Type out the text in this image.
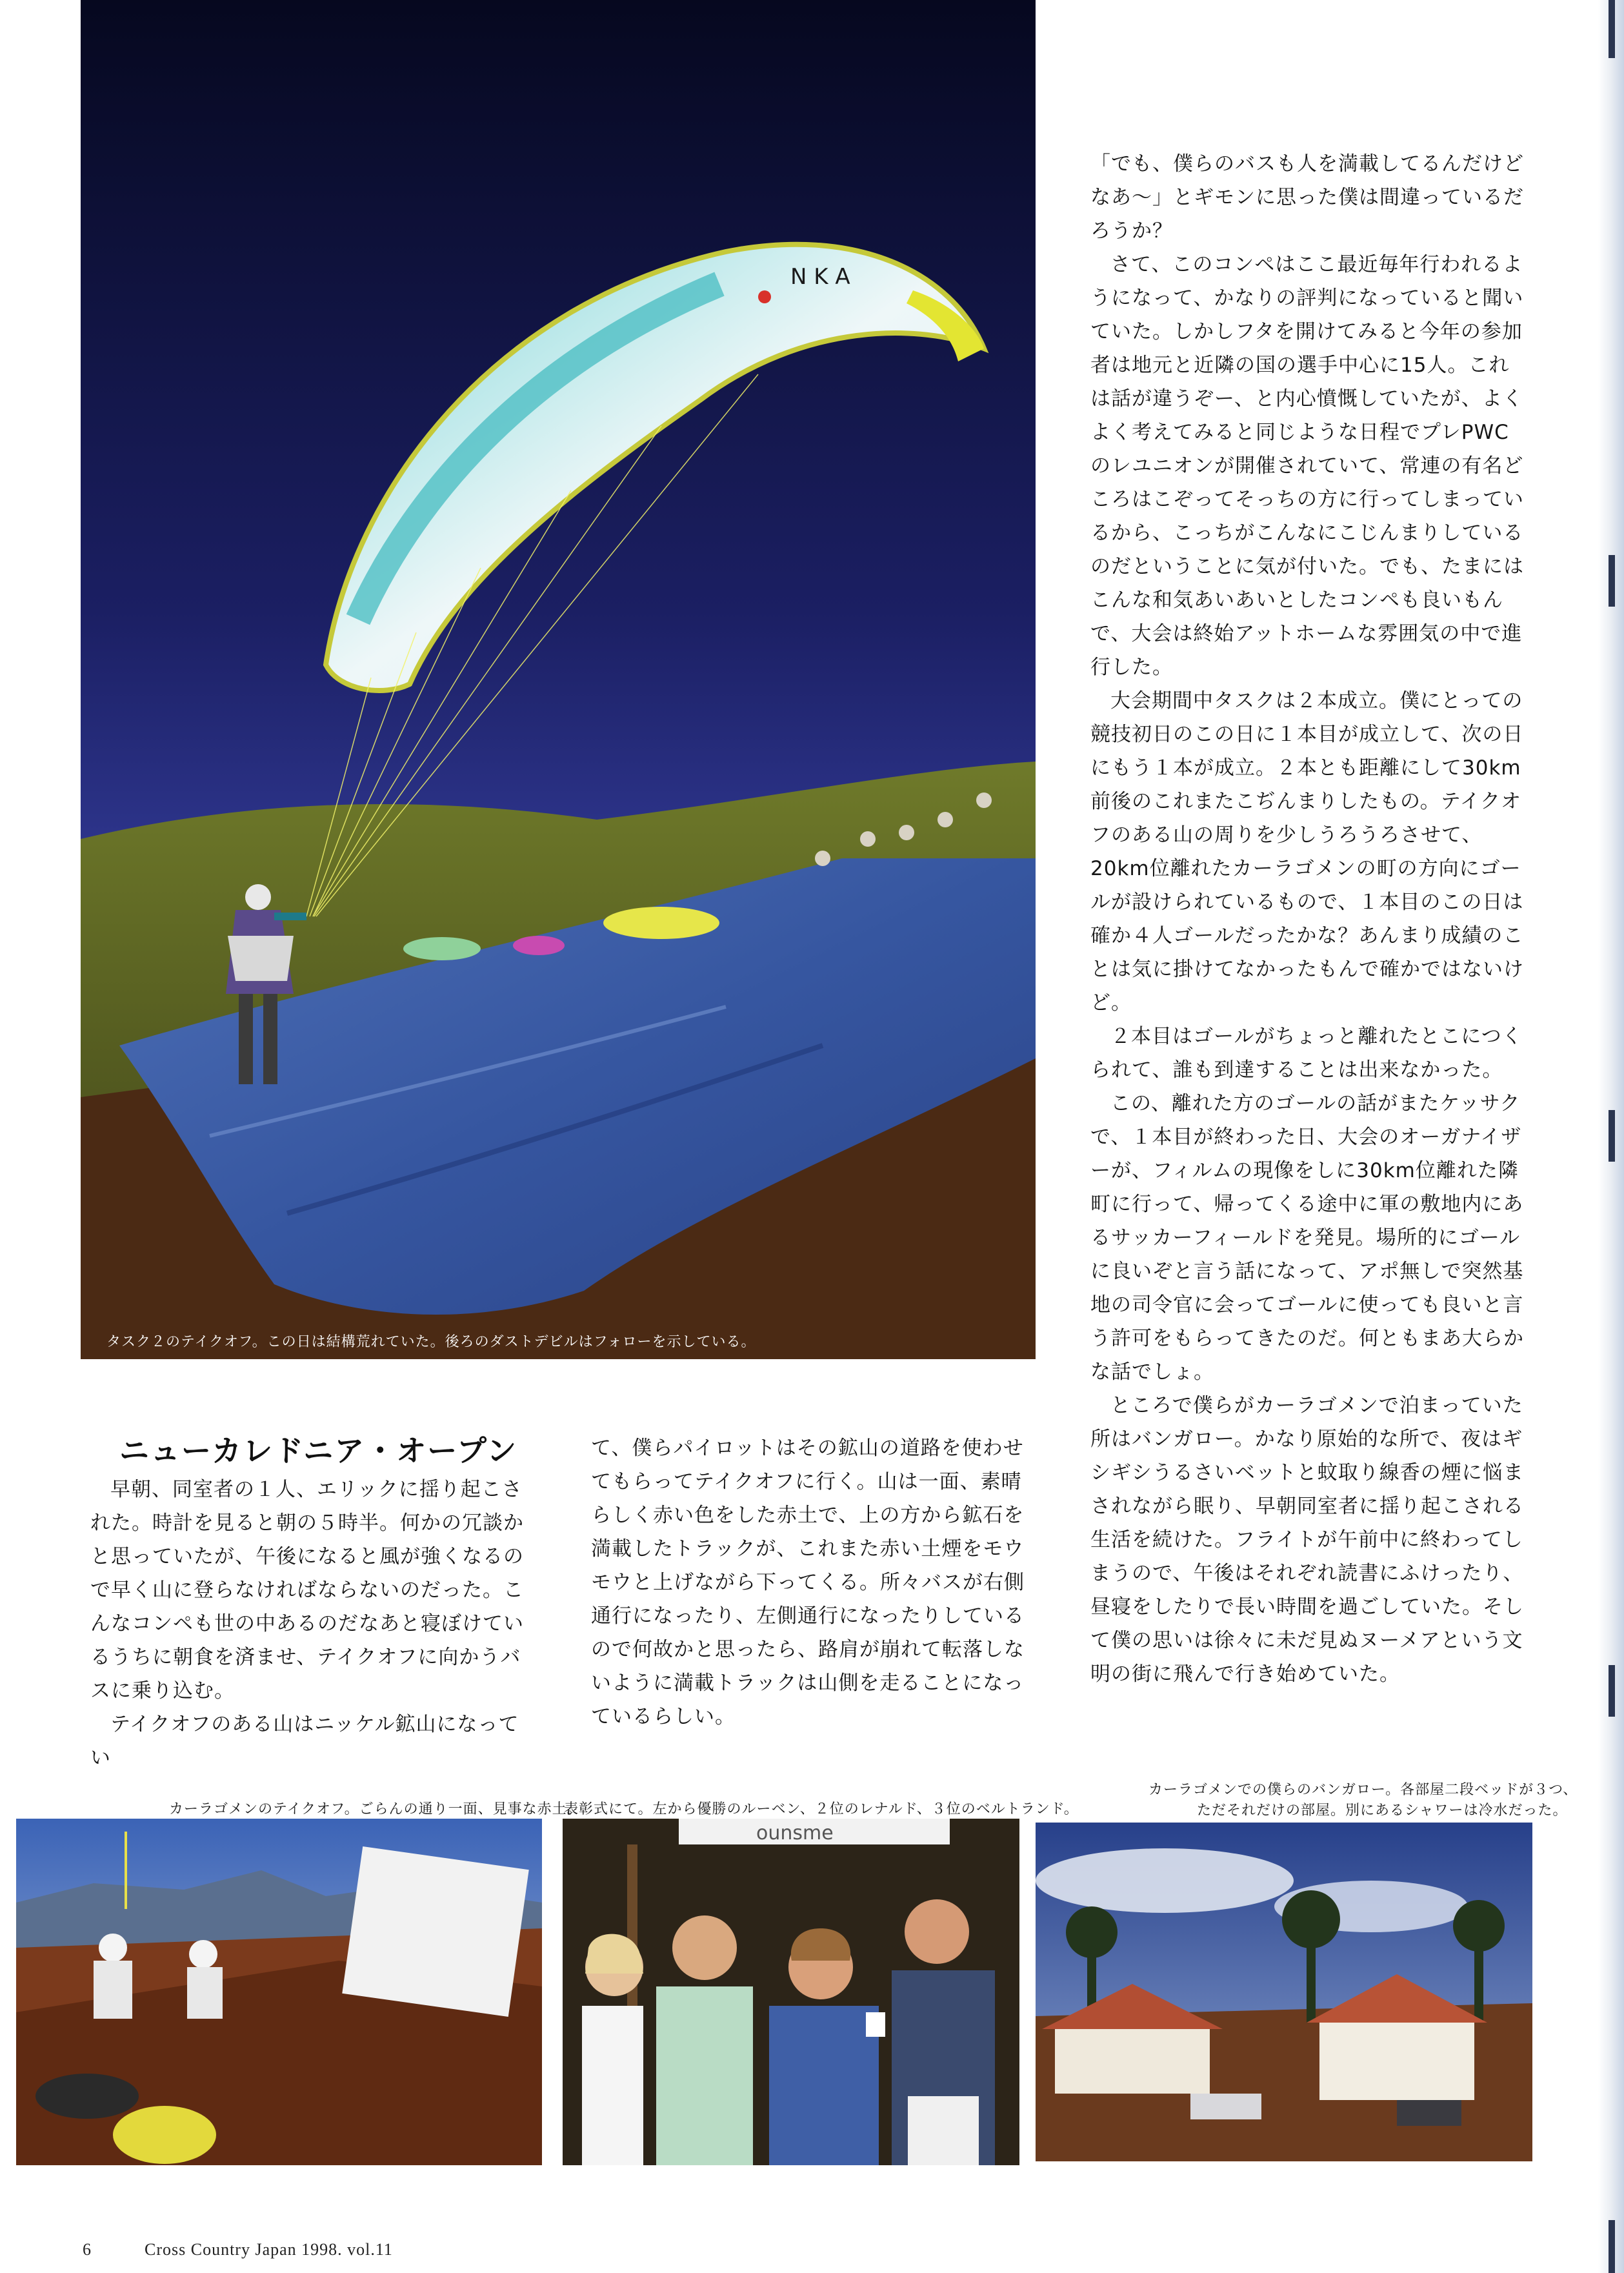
N K A
タスク２のテイクオフ。この日は結構荒れていた。後ろのダストデビルはフォローを示している。

「でも、僕らのバスも人を満載してるんだけどなあ〜」とギモンに思った僕は間違っているだろうか？

さて、このコンペはここ最近毎年行われるようになって、かなりの評判になっていると聞いていた。しかしフタを開けてみると今年の参加者は地元と近隣の国の選手中心に15人。これは話が違うぞー、と内心憤慨していたが、よくよく考えてみると同じような日程でプレPWCのレユニオンが開催されていて、常連の有名どころはこぞってそっちの方に行ってしまっているから、こっちがこんなにこじんまりしているのだということに気が付いた。でも、たまにはこんな和気あいあいとしたコンペも良いもんで、大会は終始アットホームな雰囲気の中で進行した。

大会期間中タスクは２本成立。僕にとっての競技初日のこの日に１本目が成立して、次の日にもう１本が成立。２本とも距離にして30km前後のこれまたこぢんまりしたもの。テイクオフのある山の周りを少しうろうろさせて、20km位離れたカーラゴメンの町の方向にゴールが設けられているもので、１本目のこの日は確か４人ゴールだったかな？あんまり成績のことは気に掛けてなかったもんで確かではないけど。

２本目はゴールがちょっと離れたとこにつくられて、誰も到達することは出来なかった。

この、離れた方のゴールの話がまたケッサクで、１本目が終わった日、大会のオーガナイザーが、フィルムの現像をしに30km位離れた隣町に行って、帰ってくる途中に軍の敷地内にあるサッカーフィールドを発見。場所的にゴールに良いぞと言う話になって、アポ無しで突然基地の司令官に会ってゴールに使っても良いと言う許可をもらってきたのだ。何ともまあ大らかな話でしょ。

ところで僕らがカーラゴメンで泊まっていた所はバンガロー。かなり原始的な所で、夜はギシギシうるさいベットと蚊取り線香の煙に悩まされながら眠り、早朝同室者に揺り起こされる生活を続けた。フライトが午前中に終わってしまうので、午後はそれぞれ読書にふけったり、昼寝をしたりで長い時間を過ごしていた。そして僕の思いは徐々に未だ見ぬヌーメアという文明の街に飛んで行き始めていた。

ニューカレドニア・オープン

早朝、同室者の１人、エリックに揺り起こされた。時計を見ると朝の５時半。何かの冗談かと思っていたが、午後になると風が強くなるので早く山に登らなければならないのだった。こんなコンペも世の中あるのだなあと寝ぼけているうちに朝食を済ませ、テイクオフに向かうバスに乗り込む。

テイクオフのある山はニッケル鉱山になってい

て、僕らパイロットはその鉱山の道路を使わせてもらってテイクオフに行く。山は一面、素晴らしく赤い色をした赤土で、上の方から鉱石を満載したトラックが、これまた赤い土煙をモウモウと上げながら下ってくる。所々バスが右側通行になったり、左側通行になったりしているので何故かと思ったら、路肩が崩れて転落しないように満載トラックは山側を走ることになっているらしい。

カーラゴメンのテイクオフ。ごらんの通り一面、見事な赤土。
表彰式にて。左から優勝のルーベン、２位のレナルド、３位のベルトランド。
カーラゴメンでの僕らのバンガロー。各部屋二段ベッドが３つ、
ただそれだけの部屋。別にあるシャワーは冷水だった。
ounsme
6	Cross Country Japan 1998. vol.11
